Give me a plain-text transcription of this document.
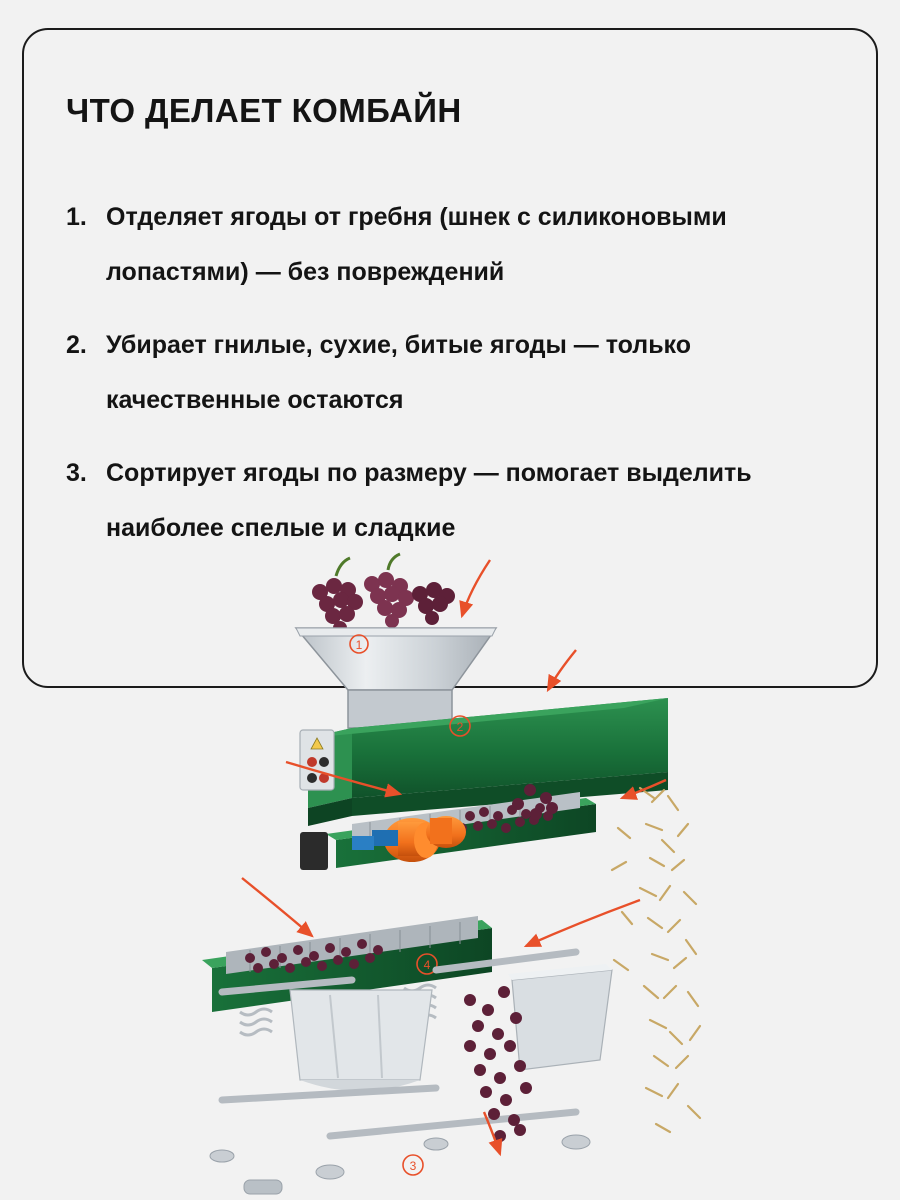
ЧТО ДЕЛАЕТ КОМБАЙН
1. Отделяет ягоды от гребня (шнек с силиконовыми лопастями) — без повреждений
2. Убирает гнилые, сухие, битые ягоды — только качественные остаются
3. Сортирует ягоды по размеру — помогает выделить наиболее спелые и сладкие
1
2
4
3
